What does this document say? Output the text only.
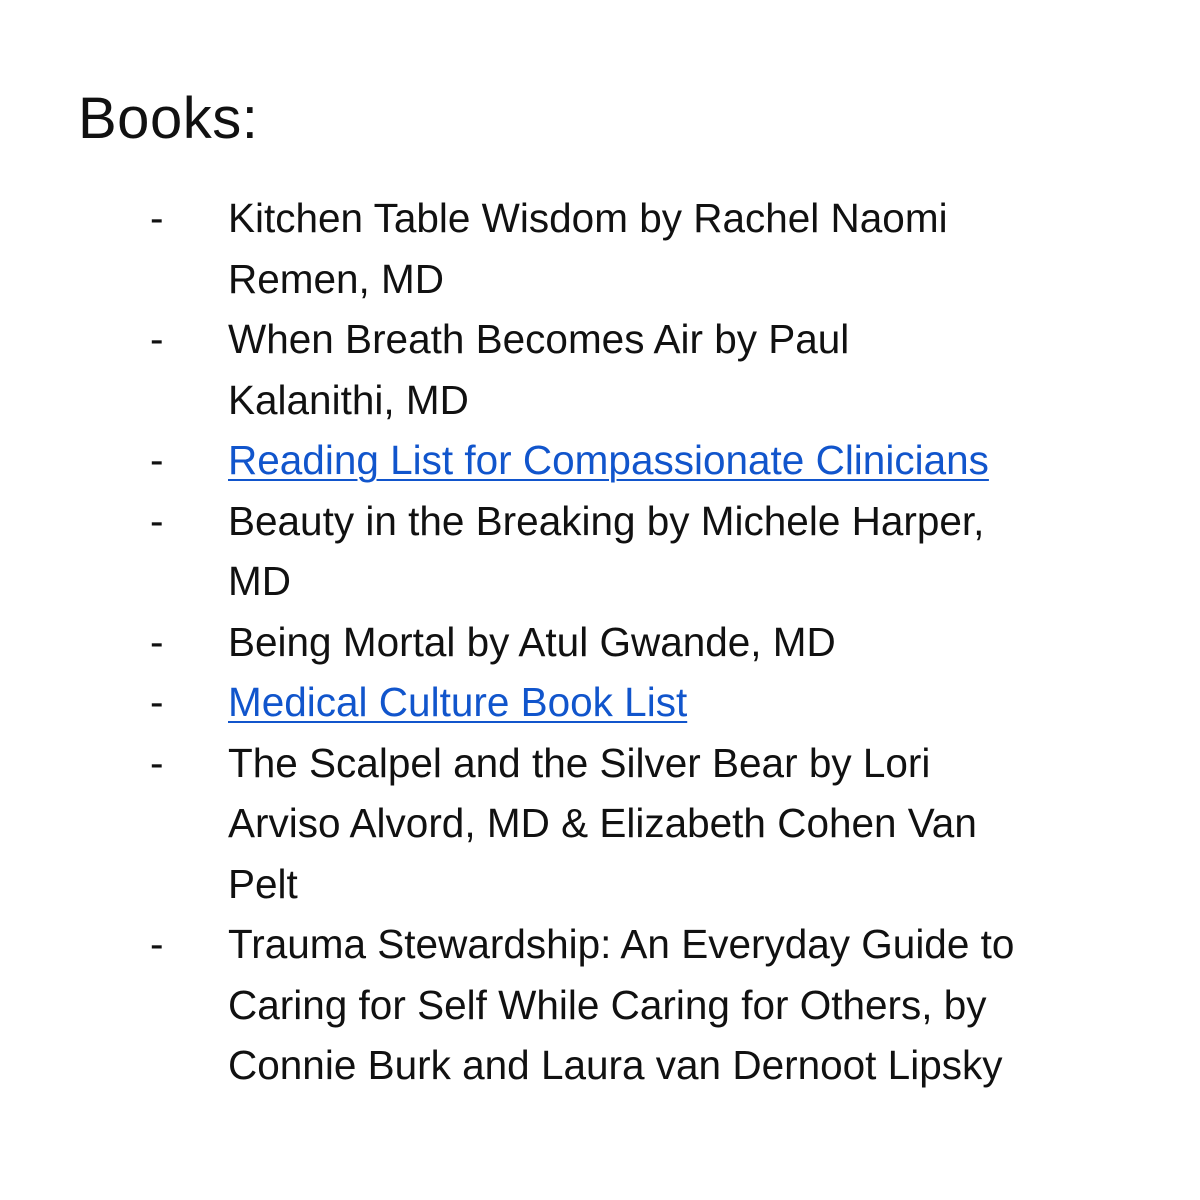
Books:
-	Kitchen Table Wisdom by Rachel Naomi
Remen, MD
-	When Breath Becomes Air by Paul
Kalanithi, MD
-	Reading List for Compassionate Clinicians
-	Beauty in the Breaking by Michele Harper,
MD
-	Being Mortal by Atul Gwande, MD
-	Medical Culture Book List
-	The Scalpel and the Silver Bear by Lori
Arviso Alvord, MD & Elizabeth Cohen Van
Pelt
-	Trauma Stewardship: An Everyday Guide to
Caring for Self While Caring for Others, by
Connie Burk and Laura van Dernoot Lipsky
